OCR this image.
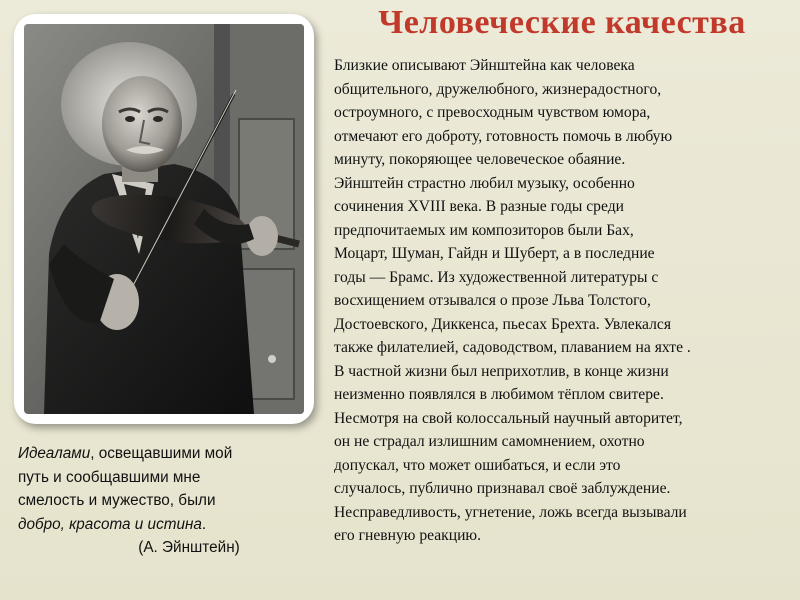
Человеческие качества
Близкие описывают Эйнштейна как человека
общительного, дружелюбного, жизнерадостного,
остроумного, с превосходным чувством юмора,
отмечают его доброту, готовность помочь в любую
минуту, покоряющее человеческое обаяние.
Эйнштейн страстно любил музыку, особенно
сочинения XVIII века. В разные годы среди
предпочитаемых им композиторов были Бах,
Моцарт, Шуман, Гайдн и Шуберт, а в последние
годы — Брамс. Из художественной литературы с
восхищением отзывался о прозе Льва Толстого,
Достоевского, Диккенса, пьесах Брехта. Увлекался
также филателией, садоводством, плаванием на яхте .
В частной жизни был неприхотлив, в конце жизни
неизменно появлялся в любимом тёплом свитере.
Несмотря на свой колоссальный научный авторитет,
он не страдал излишним самомнением, охотно
допускал, что может ошибаться, и если это
случалось, публично признавал своё заблуждение.
Несправедливость, угнетение, ложь всегда вызывали
его гневную реакцию.
Идеалами, освещавшими мой
путь и сообщавшими мне
смелость и мужество, были
добро, красота и истина.
(А. Эйнштейн)
